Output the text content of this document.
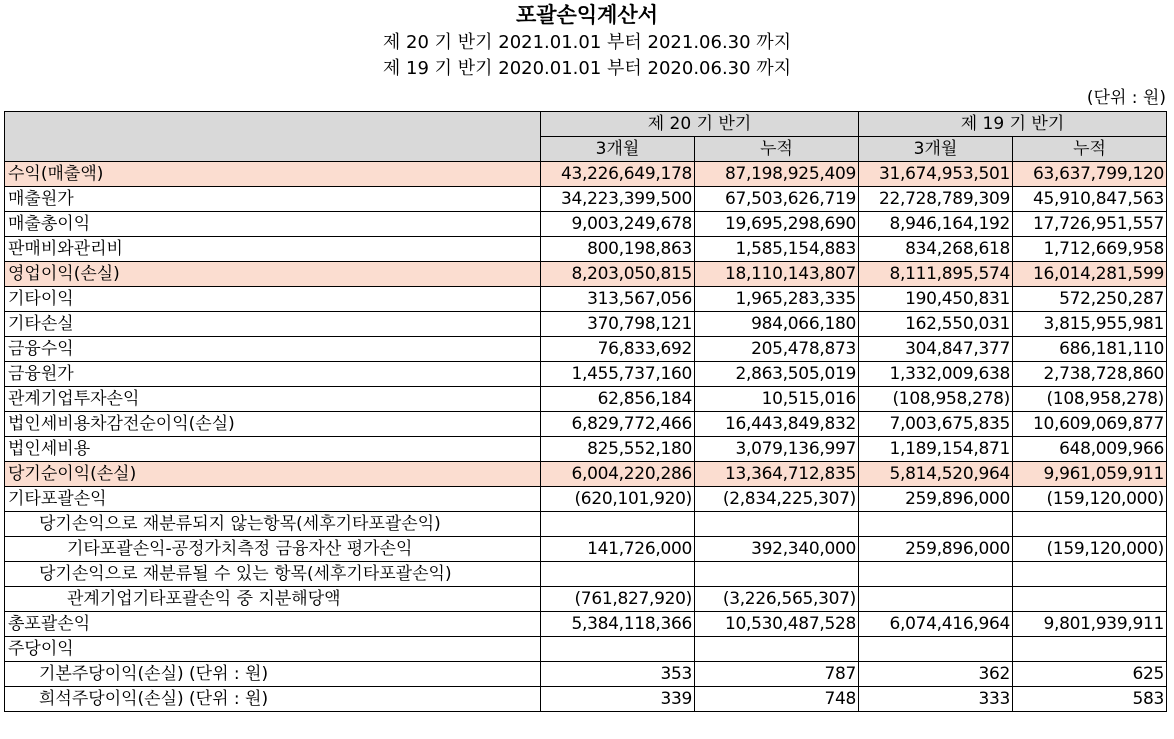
포괄손익계산서
제 20 기 반기 2021.01.01 부터 2021.06.30 까지
제 19 기 반기 2020.01.01 부터 2020.06.30 까지
(단위 : 원)
	제 20 기 반기		제 19 기 반기	
	3개월	누적	3개월	누적
수익(매출액)	43,226,649,178	87,198,925,409	31,674,953,501	63,637,799,120
매출원가	34,223,399,500	67,503,626,719	22,728,789,309	45,910,847,563
매출총이익	9,003,249,678	19,695,298,690	8,946,164,192	17,726,951,557
판매비와관리비	800,198,863	1,585,154,883	834,268,618	1,712,669,958
영업이익(손실)	8,203,050,815	18,110,143,807	8,111,895,574	16,014,281,599
기타이익	313,567,056	1,965,283,335	190,450,831	572,250,287
기타손실	370,798,121	984,066,180	162,550,031	3,815,955,981
금융수익	76,833,692	205,478,873	304,847,377	686,181,110
금융원가	1,455,737,160	2,863,505,019	1,332,009,638	2,738,728,860
관계기업투자손익	62,856,184	10,515,016	(108,958,278)	(108,958,278)
법인세비용차감전순이익(손실)	6,829,772,466	16,443,849,832	7,003,675,835	10,609,069,877
법인세비용	825,552,180	3,079,136,997	1,189,154,871	648,009,966
당기순이익(손실)	6,004,220,286	13,364,712,835	5,814,520,964	9,961,059,911
기타포괄손익	(620,101,920)	(2,834,225,307)	259,896,000	(159,120,000)
당기손익으로 재분류되지 않는항목(세후기타포괄손익)				
기타포괄손익-공정가치측정 금융자산 평가손익	141,726,000	392,340,000	259,896,000	(159,120,000)
당기손익으로 재분류될 수 있는 항목(세후기타포괄손익)				
관계기업기타포괄손익 중 지분해당액	(761,827,920)	(3,226,565,307)		
총포괄손익	5,384,118,366	10,530,487,528	6,074,416,964	9,801,939,911
주당이익				
기본주당이익(손실) (단위 : 원)	353	787	362	625
희석주당이익(손실) (단위 : 원)	339	748	333	583
